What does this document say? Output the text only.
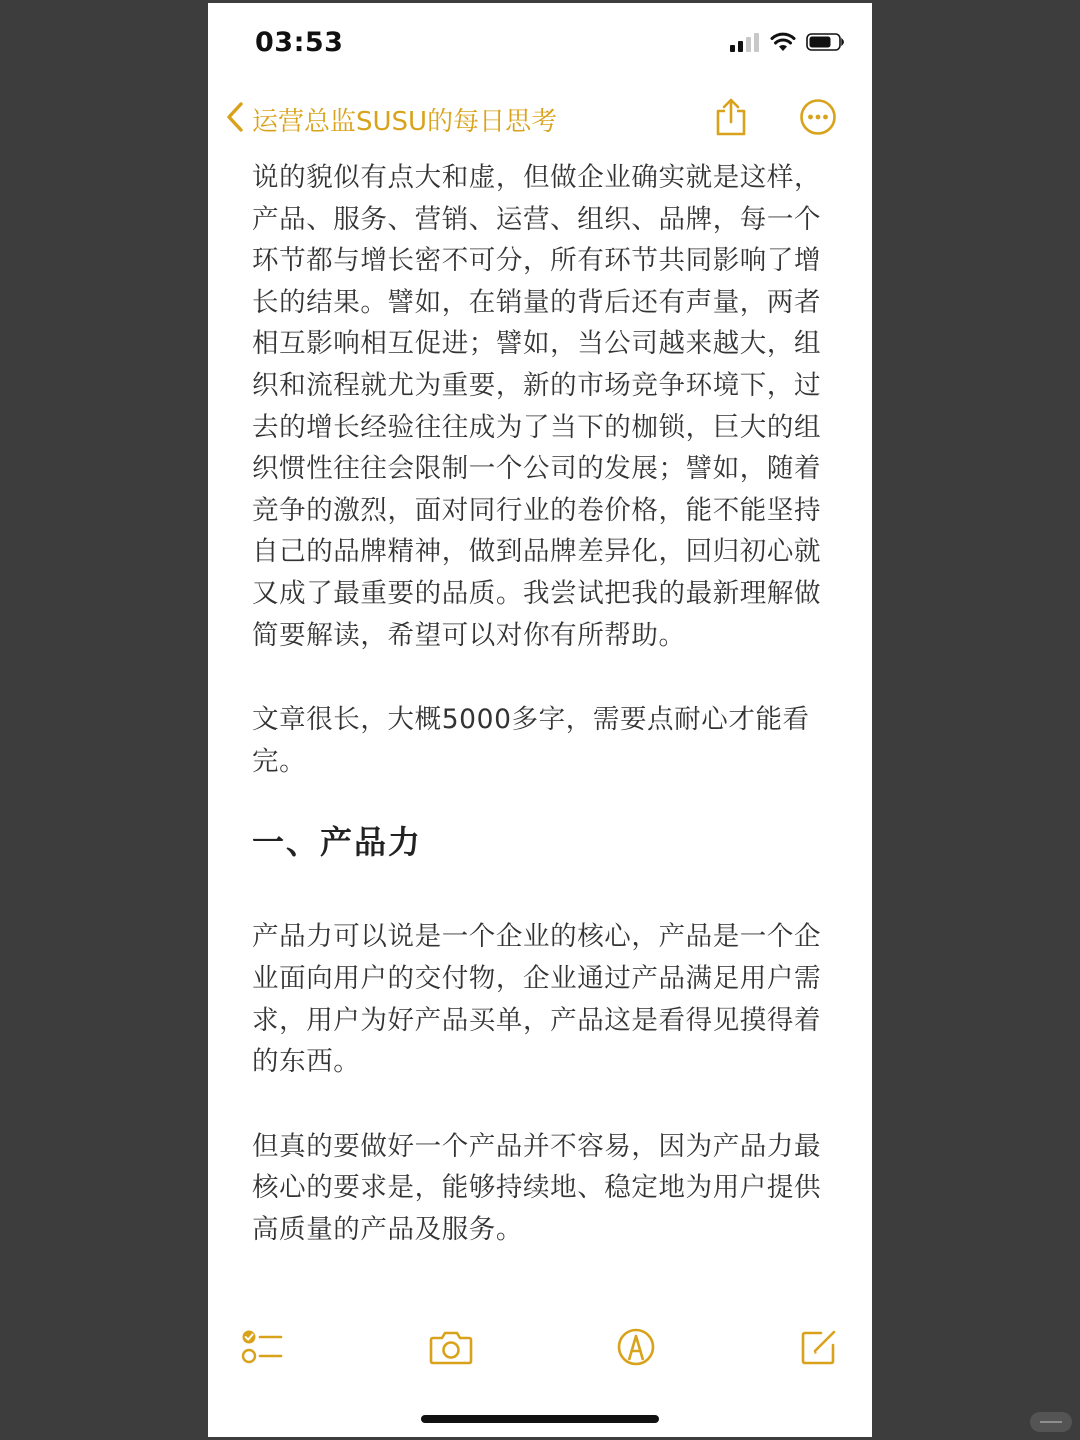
03:53
运营总监SUSU的每日思考

说的貌似有点大和虚，但做企业确实就是这样，产品、服务、营销、运营、组织、品牌，每一个环节都与增长密不可分，所有环节共同影响了增长的结果。譬如，在销量的背后还有声量，两者相互影响相互促进；譬如，当公司越来越大，组织和流程就尤为重要，新的市场竞争环境下，过去的增长经验往往成为了当下的枷锁，巨大的组织惯性往往会限制一个公司的发展；譬如，随着竞争的激烈，面对同行业的卷价格，能不能坚持自己的品牌精神，做到品牌差异化，回归初心就又成了最重要的品质。我尝试把我的最新理解做简要解读，希望可以对你有所帮助。

文章很长，大概5000多字，需要点耐心才能看完。

一、产品力

产品力可以说是一个企业的核心，产品是一个企业面向用户的交付物，企业通过产品满足用户需求，用户为好产品买单，产品这是看得见摸得着的东西。

但真的要做好一个产品并不容易，因为产品力最核心的要求是，能够持续地、稳定地为用户提供高质量的产品及服务。
